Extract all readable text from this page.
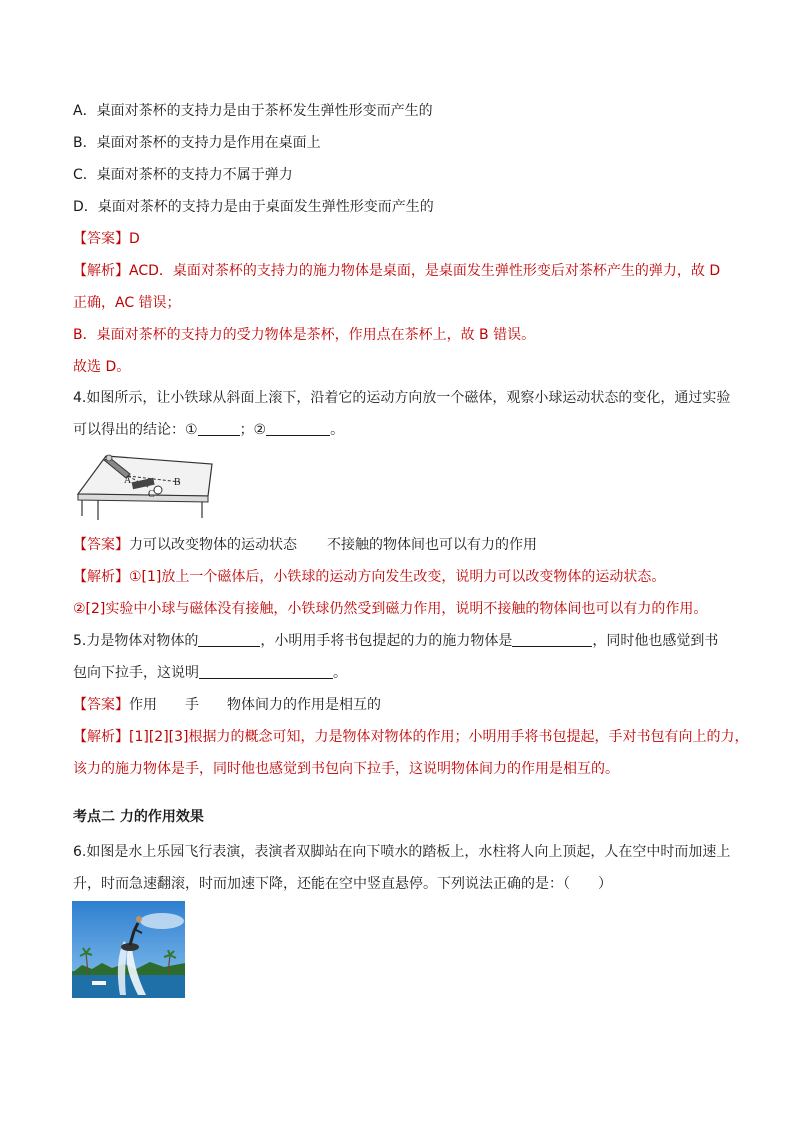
A．桌面对茶杯的支持力是由于茶杯发生弹性形变而产生的
B．桌面对茶杯的支持力是作用在桌面上
C．桌面对茶杯的支持力不属于弹力
D．桌面对茶杯的支持力是由于桌面发生弹性形变而产生的
【答案】D
【解析】ACD．桌面对茶杯的支持力的施力物体是桌面，是桌面发生弹性形变后对茶杯产生的弹力，故 D
正确，AC 错误；
B．桌面对茶杯的支持力的受力物体是茶杯，作用点在茶杯上，故 B 错误。
故选 D。
4.如图所示，让小铁球从斜面上滚下，沿着它的运动方向放一个磁体，观察小球运动状态的变化，通过实验
可以得出的结论：①	；②	。
A	B
C
【答案】力可以改变物体的运动状态 不接触的物体间也可以有力的作用
【解析】①[1]放上一个磁体后，小铁球的运动方向发生改变，说明力可以改变物体的运动状态。
②[2]实验中小球与磁体没有接触，小铁球仍然受到磁力作用，说明不接触的物体间也可以有力的作用。
5.力是物体对物体的	，小明用手将书包提起的力的施力物体是	，同时他也感觉到书
包向下拉手，这说明	。
【答案】作用 手 物体间力的作用是相互的
【解析】[1][2][3]根据力的概念可知，力是物体对物体的作用；小明用手将书包提起，手对书包有向上的力，
该力的施力物体是手，同时他也感觉到书包向下拉手，这说明物体间力的作用是相互的。
考点二 力的作用效果
6.如图是水上乐园飞行表演，表演者双脚站在向下喷水的踏板上，水柱将人向上顶起，人在空中时而加速上
升，时而急速翻滚，时而加速下降，还能在空中竖直悬停。下列说法正确的是：（　　）
